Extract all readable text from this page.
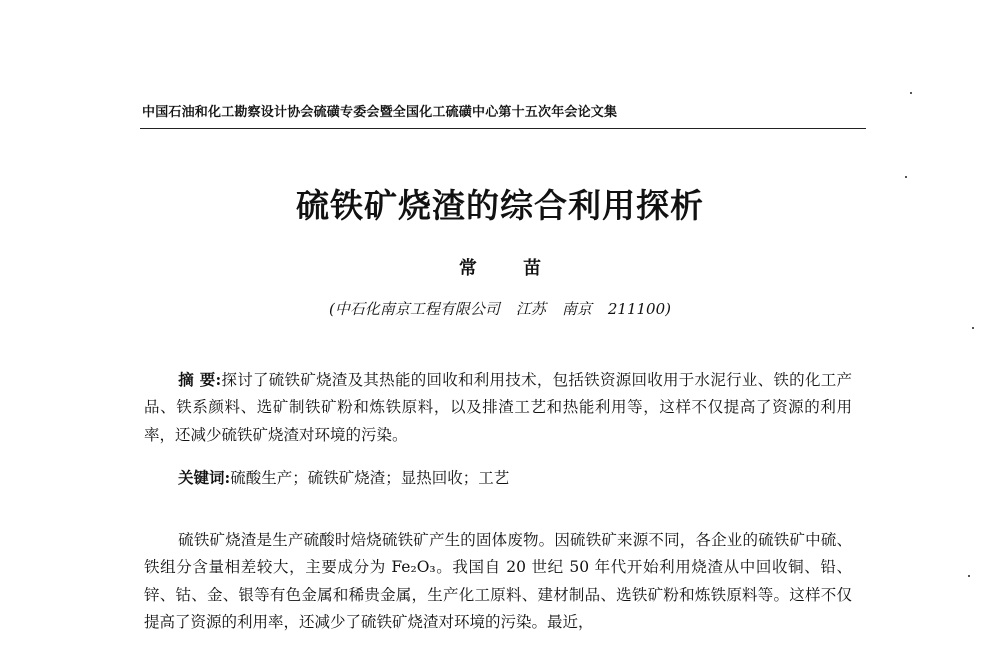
中国石油和化工勘察设计协会硫磺专委会暨全国化工硫磺中心第十五次年会论文集
硫铁矿烧渣的综合利用探析
常 苗
(中石化南京工程有限公司 江苏 南京 211100)
摘 要:探讨了硫铁矿烧渣及其热能的回收和利用技术，包括铁资源回收用于水泥行业、铁的化工产品、铁系颜料、选矿制铁矿粉和炼铁原料，以及排渣工艺和热能利用等，这样不仅提高了资源的利用率，还减少硫铁矿烧渣对环境的污染。
关键词:硫酸生产；硫铁矿烧渣；显热回收；工艺
硫铁矿烧渣是生产硫酸时焙烧硫铁矿产生的固体废物。因硫铁矿来源不同，各企业的硫铁矿中硫、铁组分含量相差较大，主要成分为 Fe₂O₃。我国自 20 世纪 50 年代开始利用烧渣从中回收铜、铅、锌、钴、金、银等有色金属和稀贵金属，生产化工原料、建材制品、选铁矿粉和炼铁原料等。这样不仅提高了资源的利用率，还减少了硫铁矿烧渣对环境的污染。最近，
